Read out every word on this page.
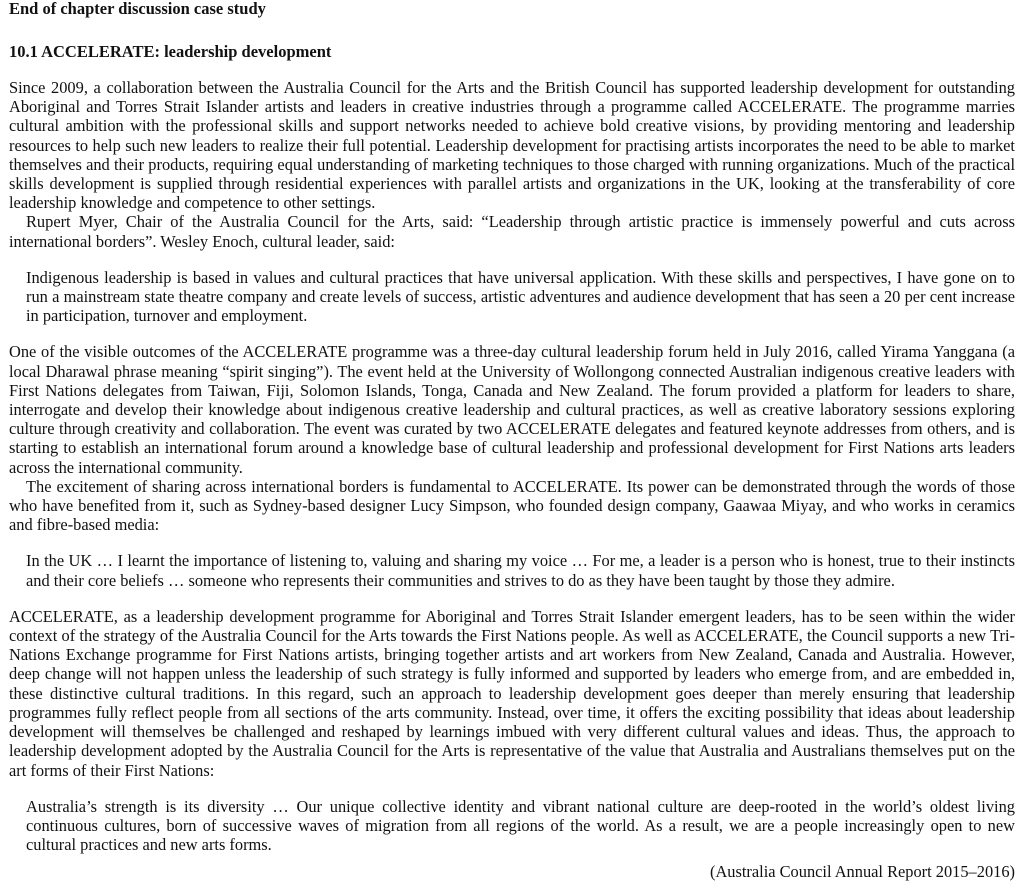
End of chapter discussion case study
10.1 ACCELERATE: leadership development

Since 2009, a collaboration between the Australia Council for the Arts and the British Council has supported leadership development for outstanding Aboriginal and Torres Strait Islander artists and leaders in creative industries through a programme called ACCELERATE. The programme marries cultural ambition with the professional skills and support networks needed to achieve bold creative visions, by providing mentoring and leadership resources to help such new leaders to realize their full potential. Leadership development for practising artists incorporates the need to be able to market themselves and their products, requiring equal understanding of marketing techniques to those charged with running organizations. Much of the practical skills development is supplied through residential experiences with parallel artists and organizations in the UK, looking at the transferability of core leadership knowledge and competence to other settings.

Rupert Myer, Chair of the Australia Council for the Arts, said: “Leadership through artistic practice is immensely powerful and cuts across international borders”. Wesley Enoch, cultural leader, said:

Indigenous leadership is based in values and cultural practices that have universal application. With these skills and perspectives, I have gone on to run a mainstream state theatre company and create levels of success, artistic adventures and audience development that has seen a 20 per cent increase in participation, turnover and employment.

One of the visible outcomes of the ACCELERATE programme was a three-day cultural leadership forum held in July 2016, called Yirama Yanggana (a local Dharawal phrase meaning “spirit singing”). The event held at the University of Wollongong connected Australian indigenous creative leaders with First Nations delegates from Taiwan, Fiji, Solomon Islands, Tonga, Canada and New Zealand. The forum provided a platform for leaders to share, interrogate and develop their knowledge about indigenous creative leadership and cultural practices, as well as creative laboratory sessions exploring culture through creativity and collaboration. The event was curated by two ACCELERATE delegates and featured keynote addresses from others, and is starting to establish an international forum around a knowledge base of cultural leadership and professional development for First Nations arts leaders across the international community.

The excitement of sharing across international borders is fundamental to ACCELERATE. Its power can be demonstrated through the words of those who have benefited from it, such as Sydney-based designer Lucy Simpson, who founded design company, Gaawaa Miyay, and who works in ceramics and fibre-based media:

In the UK … I learnt the importance of listening to, valuing and sharing my voice … For me, a leader is a person who is honest, true to their instincts and their core beliefs … someone who represents their communities and strives to do as they have been taught by those they admire.

ACCELERATE, as a leadership development programme for Aboriginal and Torres Strait Islander emergent leaders, has to be seen within the wider context of the strategy of the Australia Council for the Arts towards the First Nations people. As well as ACCELERATE, the Council supports a new Tri-Nations Exchange programme for First Nations artists, bringing together artists and art workers from New Zealand, Canada and Australia. However, deep change will not happen unless the leadership of such strategy is fully informed and supported by leaders who emerge from, and are embedded in, these distinctive cultural traditions. In this regard, such an approach to leadership development goes deeper than merely ensuring that leadership programmes fully reflect people from all sections of the arts community. Instead, over time, it offers the exciting possibility that ideas about leadership development will themselves be challenged and reshaped by learnings imbued with very different cultural values and ideas. Thus, the approach to leadership development adopted by the Australia Council for the Arts is representative of the value that Australia and Australians themselves put on the art forms of their First Nations:

Australia’s strength is its diversity … Our unique collective identity and vibrant national culture are deep-rooted in the world’s oldest living continuous cultures, born of successive waves of migration from all regions of the world. As a result, we are a people increasingly open to new cultural practices and new arts forms.

(Australia Council Annual Report 2015–2016)
